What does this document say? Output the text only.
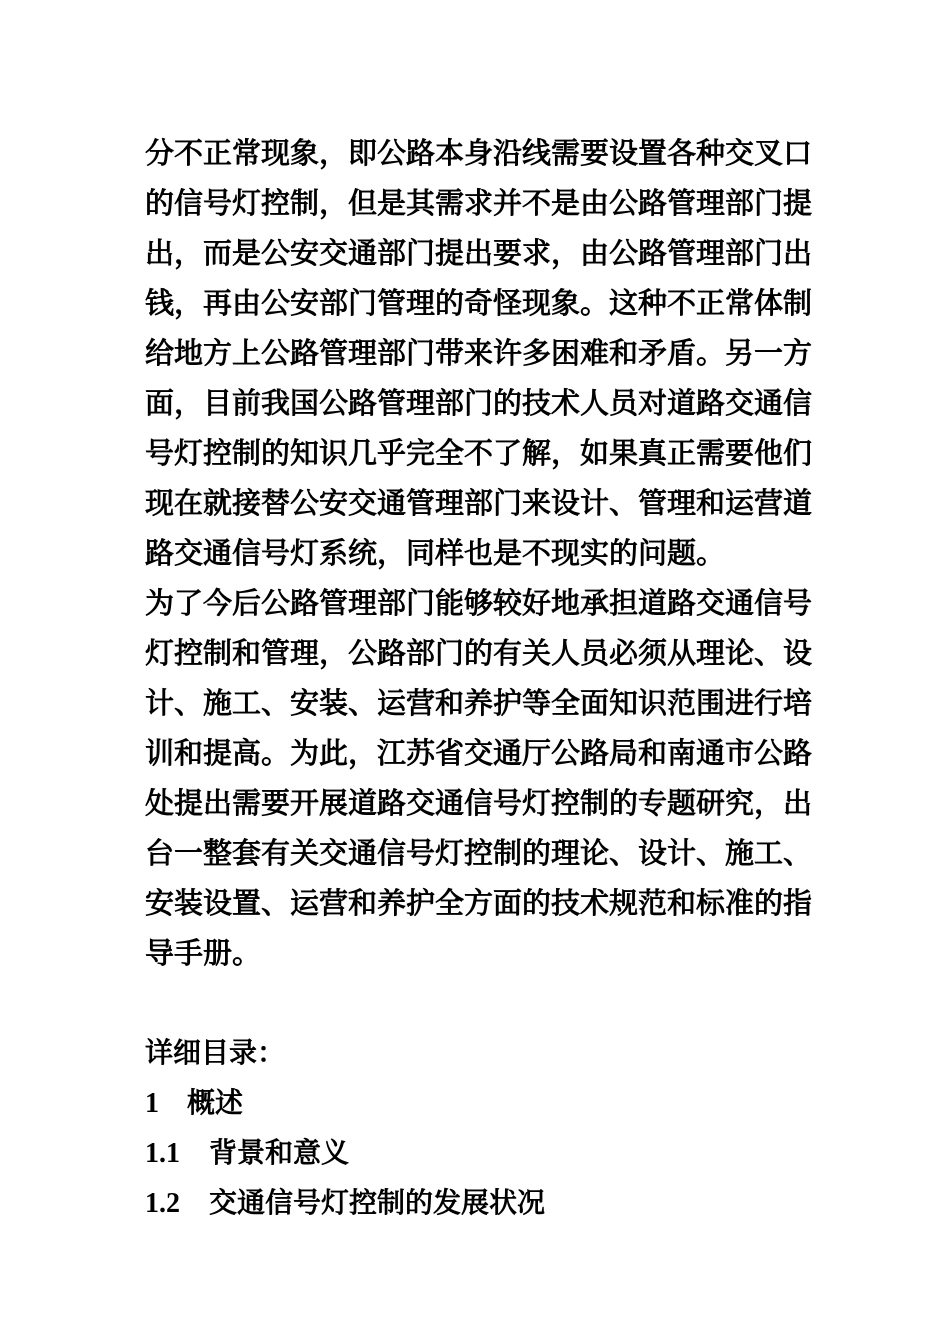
分不正常现象，即公路本身沿线需要设置各种交叉口
的信号灯控制，但是其需求并不是由公路管理部门提
出，而是公安交通部门提出要求，由公路管理部门出
钱，再由公安部门管理的奇怪现象。这种不正常体制
给地方上公路管理部门带来许多困难和矛盾。另一方
面，目前我国公路管理部门的技术人员对道路交通信
号灯控制的知识几乎完全不了解，如果真正需要他们
现在就接替公安交通管理部门来设计、管理和运营道
路交通信号灯系统，同样也是不现实的问题。
为了今后公路管理部门能够较好地承担道路交通信号
灯控制和管理，公路部门的有关人员必须从理论、设
计、施工、安装、运营和养护等全面知识范围进行培
训和提高。为此，江苏省交通厅公路局和南通市公路
处提出需要开展道路交通信号灯控制的专题研究，出
台一整套有关交通信号灯控制的理论、设计、施工、
安装设置、运营和养护全方面的技术规范和标准的指
导手册。
详细目录：
1 概述
1.1 背景和意义
1.2 交通信号灯控制的发展状况
